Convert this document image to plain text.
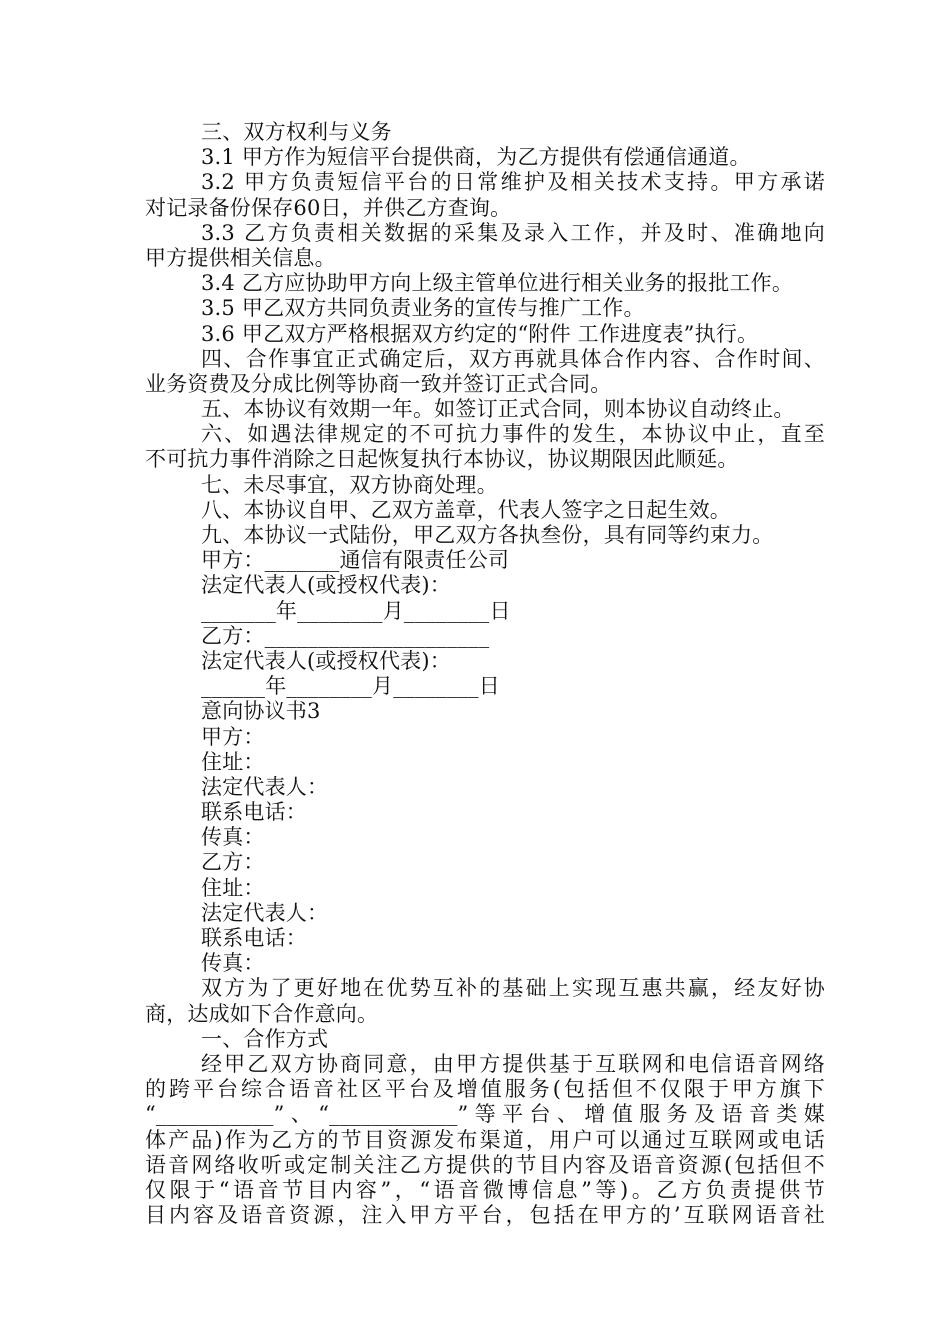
三、双方权利与义务
3.1 甲方作为短信平台提供商，为乙方提供有偿通信通道。
3.2 甲方负责短信平台的日常维护及相关技术支持。甲方承诺
对记录备份保存60日，并供乙方查询。
3.3 乙方负责相关数据的采集及录入工作，并及时、准确地向
甲方提供相关信息。
3.4 乙方应协助甲方向上级主管单位进行相关业务的报批工作。
3.5 甲乙双方共同负责业务的宣传与推广工作。
3.6 甲乙双方严格根据双方约定的“附件 工作进度表”执行。
四、合作事宜正式确定后，双方再就具体合作内容、合作时间、
业务资费及分成比例等协商一致并签订正式合同。
五、本协议有效期一年。如签订正式合同，则本协议自动终止。
六、如遇法律规定的不可抗力事件的发生，本协议中止，直至
不可抗力事件消除之日起恢复执行本协议，协议期限因此顺延。
七、未尽事宜，双方协商处理。
八、本协议自甲、乙双方盖章，代表人签字之日起生效。
九、本协议一式陆份，甲乙双方各执叁份，具有同等约束力。
甲方：_______通信有限责任公司
法定代表人(或授权代表)：
_______年________月________日
乙方：_____________________
法定代表人(或授权代表)：
______年________月________日
意向协议书3
甲方：
住址：
法定代表人：
联系电话：
传真：
乙方：
住址：
法定代表人：
联系电话：
传真：
双方为了更好地在优势互补的基础上实现互惠共赢，经友好协
商，达成如下合作意向。
一、合作方式
经甲乙双方协商同意，由甲方提供基于互联网和电信语音网络
的跨平台综合语音社区平台及增值服务(包括但不仅限于甲方旗下
“___________”、“____________”等平台、增值服务及语音类媒
体产品)作为乙方的节目资源发布渠道，用户可以通过互联网或电话
语音网络收听或定制关注乙方提供的节目内容及语音资源(包括但不
仅限于“语音节目内容”，“语音微博信息”等)。乙方负责提供节
目内容及语音资源，注入甲方平台，包括在甲方的’互联网语音社
